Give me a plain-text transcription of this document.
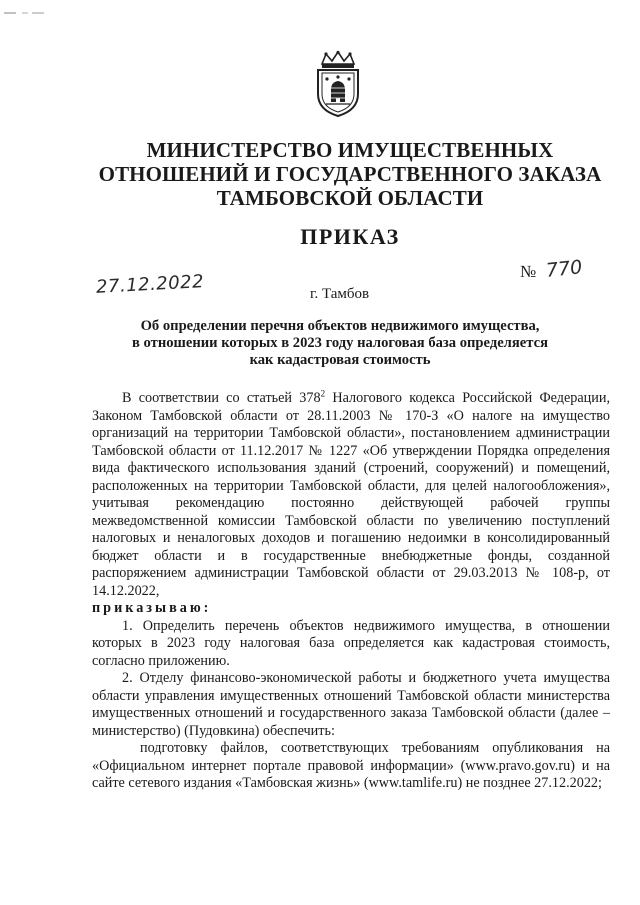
МИНИСТЕРСТВО ИМУЩЕСТВЕННЫХ
ОТНОШЕНИЙ И ГОСУДАРСТВЕННОГО ЗАКАЗА
ТАМБОВСКОЙ ОБЛАСТИ
ПРИКАЗ
27.12.2022	№ 770
г. Тамбов
Об определении перечня объектов недвижимого имущества,
в отношении которых в 2023 году налоговая база определяется
как кадастровая стоимость

В соответствии со статьей $378^2$ Налогового кодекса Российской Федерации, Законом Тамбовской области от 28.11.2003 № 170-З «О налоге на имущество организаций на территории Тамбовской области», постановлением администрации Тамбовской области от 11.12.2017 № 1227 «Об утверждении Порядка определения вида фактического использования зданий (строений, сооружений) и помещений, расположенных на территории Тамбовской области, для целей налогообложения», учитывая рекомендацию постоянно действующей рабочей группы межведомственной комиссии Тамбовской области по увеличению поступлений налоговых и неналоговых доходов и погашению недоимки в консолидированный бюджет области и в государственные внебюджетные фонды, созданной распоряжением администрации Тамбовской области от 29.03.2013 № 108-р, от 14.12.2022,

приказываю:

1. Определить перечень объектов недвижимого имущества, в отношении которых в 2023 году налоговая база определяется как кадастровая стоимость, согласно приложению.

2. Отделу финансово-экономической работы и бюджетного учета имущества области управления имущественных отношений Тамбовской области министерства имущественных отношений и государственного заказа Тамбовской области (далее – министерство) (Пудовкина) обеспечить:

подготовку файлов, соответствующих требованиям опубликования на «Официальном интернет портале правовой информации» (www.pravo.gov.ru) и на сайте сетевого издания «Тамбовская жизнь» (www.tamlife.ru) не позднее 27.12.2022;
